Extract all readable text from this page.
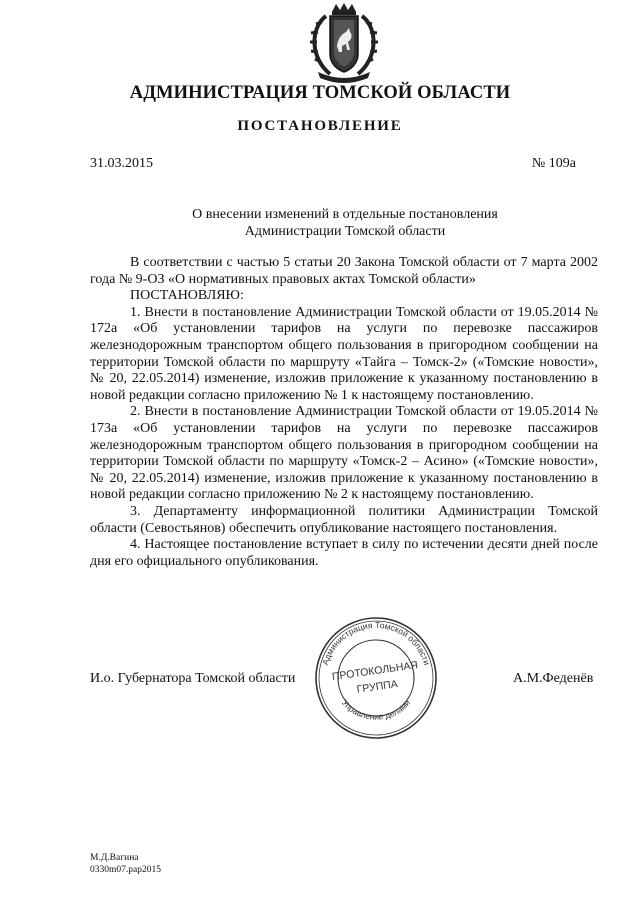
АДМИНИСТРАЦИЯ ТОМСКОЙ ОБЛАСТИ
ПОСТАНОВЛЕНИЕ
31.03.2015	№ 109а
О внесении изменений в отдельные постановления
Администрации Томской области

В соответствии с частью 5 статьи 20 Закона Томской области от 7 марта 2002 года № 9-ОЗ «О нормативных правовых актах Томской области»

ПОСТАНОВЛЯЮ:

1. Внести в постановление Администрации Томской области от 19.05.2014 № 172а «Об установлении тарифов на услуги по перевозке пассажиров железнодорожным транспортом общего пользования в пригородном сообщении на территории Томской области по маршруту «Тайга – Томск-2» («Томские новости», № 20, 22.05.2014) изменение, изложив приложение к указанному постановлению в новой редакции согласно приложению № 1 к настоящему постановлению.

2. Внести в постановление Администрации Томской области от 19.05.2014 № 173а «Об установлении тарифов на услуги по перевозке пассажиров железнодорожным транспортом общего пользования в пригородном сообщении на территории Томской области по маршруту «Томск-2 – Асино» («Томские новости», № 20, 22.05.2014) изменение, изложив приложение к указанному постановлению в новой редакции согласно приложению № 2 к настоящему постановлению.

3. Департаменту информационной политики Администрации Томской области (Севостьянов) обеспечить опубликование настоящего постановления.

4. Настоящее постановление вступает в силу по истечении десяти дней после дня его официального опубликования.

И.о. Губернатора Томской области	А.М.Феденёв
Администрация Томской области
Управление делами
ПРОТОКОЛЬНАЯ
ГРУППА
М.Д.Вагина
0330m07.pap2015
